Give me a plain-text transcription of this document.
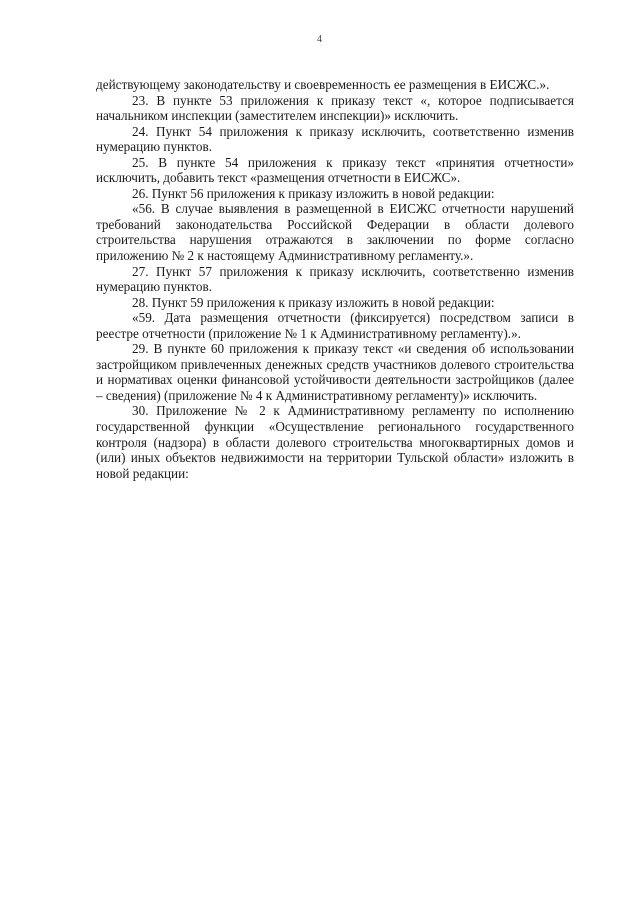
4
действующему законодательству и своевременность ее размещения в ЕИСЖС.».
23. В пункте 53 приложения к приказу текст «, которое подписывается начальником инспекции (заместителем инспекции)» исключить.
24. Пункт 54 приложения к приказу исключить, соответственно изменив нумерацию пунктов.
25. В пункте 54 приложения к приказу текст «принятия отчетности» исключить, добавить текст «размещения отчетности в ЕИСЖС».
26. Пункт 56 приложения к приказу изложить в новой редакции:
«56. В случае выявления в размещенной в ЕИСЖС отчетности нарушений требований законодательства Российской Федерации в области долевого строительства нарушения отражаются в заключении по форме согласно приложению № 2 к настоящему Административному регламенту.».
27. Пункт 57 приложения к приказу исключить, соответственно изменив нумерацию пунктов.
28. Пункт 59 приложения к приказу изложить в новой редакции:
«59. Дата размещения отчетности (фиксируется) посредством записи в реестре отчетности (приложение № 1 к Административному регламенту).».
29. В пункте 60 приложения к приказу текст «и сведения об использовании застройщиком привлеченных денежных средств участников долевого строительства и нормативах оценки финансовой устойчивости деятельности застройщиков (далее – сведения) (приложение № 4 к Административному регламенту)» исключить.
30. Приложение № 2 к Административному регламенту по исполнению государственной функции «Осуществление регионального государственного контроля (надзора) в области долевого строительства многоквартирных домов и (или) иных объектов недвижимости на территории Тульской области» изложить в новой редакции:
